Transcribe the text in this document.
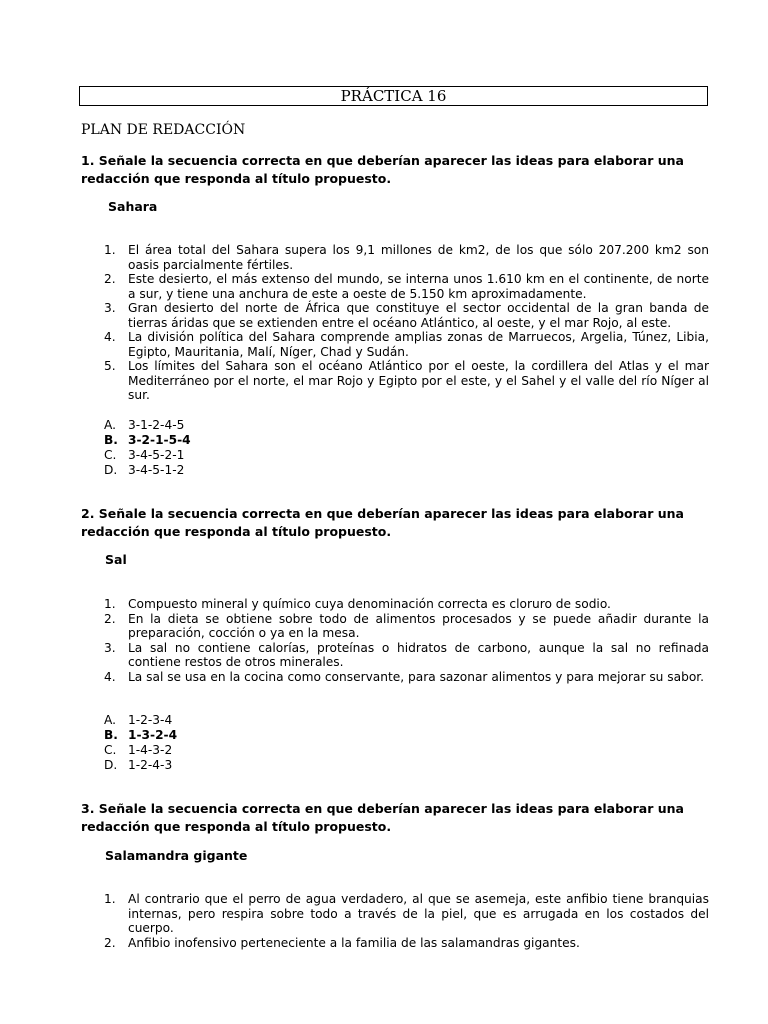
PRÁCTICA 16
PLAN DE REDACCIÓN
1. Señale la secuencia correcta en que deberían aparecer las ideas para elaborar una redacción que responda al título propuesto.
Sahara
1. El área total del Sahara supera los 9,1 millones de km2, de los que sólo 207.200 km2 son oasis parcialmente fértiles.
2. Este desierto, el más extenso del mundo, se interna unos 1.610 km en el continente, de norte a sur, y tiene una anchura de este a oeste de 5.150 km aproximadamente.
3. Gran desierto del norte de África que constituye el sector occidental de la gran banda de tierras áridas que se extienden entre el océano Atlántico, al oeste, y el mar Rojo, al este.
4. La división política del Sahara comprende amplias zonas de Marruecos, Argelia, Túnez, Libia, Egipto, Mauritania, Malí, Níger, Chad y Sudán.
5. Los límites del Sahara son el océano Atlántico por el oeste, la cordillera del Atlas y el mar Mediterráneo por el norte, el mar Rojo y Egipto por el este, y el Sahel y el valle del río Níger al sur.
A. 3-1-2-4-5
B. 3-2-1-5-4
C. 3-4-5-2-1
D. 3-4-5-1-2
2. Señale la secuencia correcta en que deberían aparecer las ideas para elaborar una redacción que responda al título propuesto.
Sal
1. Compuesto mineral y químico cuya denominación correcta es cloruro de sodio.
2. En la dieta se obtiene sobre todo de alimentos procesados y se puede añadir durante la preparación, cocción o ya en la mesa.
3. La sal no contiene calorías, proteínas o hidratos de carbono, aunque la sal no refinada contiene restos de otros minerales.
4. La sal se usa en la cocina como conservante, para sazonar alimentos y para mejorar su sabor.
A. 1-2-3-4
B. 1-3-2-4
C. 1-4-3-2
D. 1-2-4-3
3. Señale la secuencia correcta en que deberían aparecer las ideas para elaborar una redacción que responda al título propuesto.
Salamandra gigante
1. Al contrario que el perro de agua verdadero, al que se asemeja, este anfibio tiene branquias internas, pero respira sobre todo a través de la piel, que es arrugada en los costados del cuerpo.
2. Anfibio inofensivo perteneciente a la familia de las salamandras gigantes.
